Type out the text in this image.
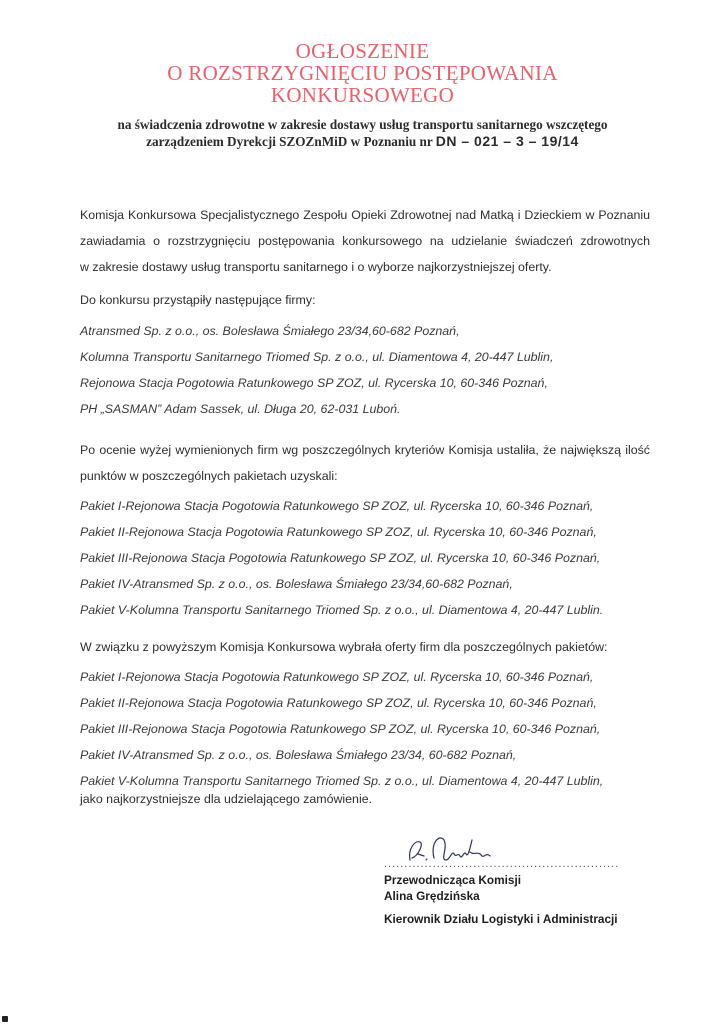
OGŁOSZENIE
O ROZSTRZYGNIĘCIU POSTĘPOWANIA
KONKURSOWEGO
na świadczenia zdrowotne w zakresie dostawy usług transportu sanitarnego wszczętego
zarządzeniem Dyrekcji SZOZnMiD w Poznaniu nr DN – 021 – 3 – 19/14

Komisja Konkursowa Specjalistycznego Zespołu Opieki Zdrowotnej nad Matką i Dzieckiem w Poznaniu

zawiadamia o rozstrzygnięciu postępowania konkursowego na udzielanie świadczeń zdrowotnych

w zakresie dostawy usług transportu sanitarnego i o wyborze najkorzystniejszej oferty.

Do konkursu przystąpiły następujące firmy:

Atransmed Sp. z o.o., os. Bolesława Śmiałego 23/34,60-682 Poznań,

Kolumna Transportu Sanitarnego Triomed Sp. z o.o., ul. Diamentowa 4, 20-447 Lublin,

Rejonowa Stacja Pogotowia Ratunkowego SP ZOZ, ul. Rycerska 10, 60-346 Poznań,

PH „SASMAN” Adam Sassek, ul. Długa 20, 62-031 Luboń.

Po ocenie wyżej wymienionych firm wg poszczególnych kryteriów Komisja ustaliła, że największą ilość

punktów w poszczególnych pakietach uzyskali:

Pakiet I-Rejonowa Stacja Pogotowia Ratunkowego SP ZOZ, ul. Rycerska 10, 60-346 Poznań,

Pakiet II-Rejonowa Stacja Pogotowia Ratunkowego SP ZOZ, ul. Rycerska 10, 60-346 Poznań,

Pakiet III-Rejonowa Stacja Pogotowia Ratunkowego SP ZOZ, ul. Rycerska 10, 60-346 Poznań,

Pakiet IV-Atransmed Sp. z o.o., os. Bolesława Śmiałego 23/34,60-682 Poznań,

Pakiet V-Kolumna Transportu Sanitarnego Triomed Sp. z o.o., ul. Diamentowa 4, 20-447 Lublin.

W związku z powyższym Komisja Konkursowa wybrała oferty firm dla poszczególnych pakietów:

Pakiet I-Rejonowa Stacja Pogotowia Ratunkowego SP ZOZ, ul. Rycerska 10, 60-346 Poznań,

Pakiet II-Rejonowa Stacja Pogotowia Ratunkowego SP ZOZ, ul. Rycerska 10, 60-346 Poznań,

Pakiet III-Rejonowa Stacja Pogotowia Ratunkowego SP ZOZ, ul. Rycerska 10, 60-346 Poznań,

Pakiet IV-Atransmed Sp. z o.o., os. Bolesława Śmiałego 23/34, 60-682 Poznań,

Pakiet V-Kolumna Transportu Sanitarnego Triomed Sp. z o.o., ul. Diamentowa 4, 20-447 Lublin,

jako najkorzystniejsze dla udzielającego zamówienie.

..........................................................
Przewodnicząca Komisji
Alina Grędzińska
Kierownik Działu Logistyki i Administracji
